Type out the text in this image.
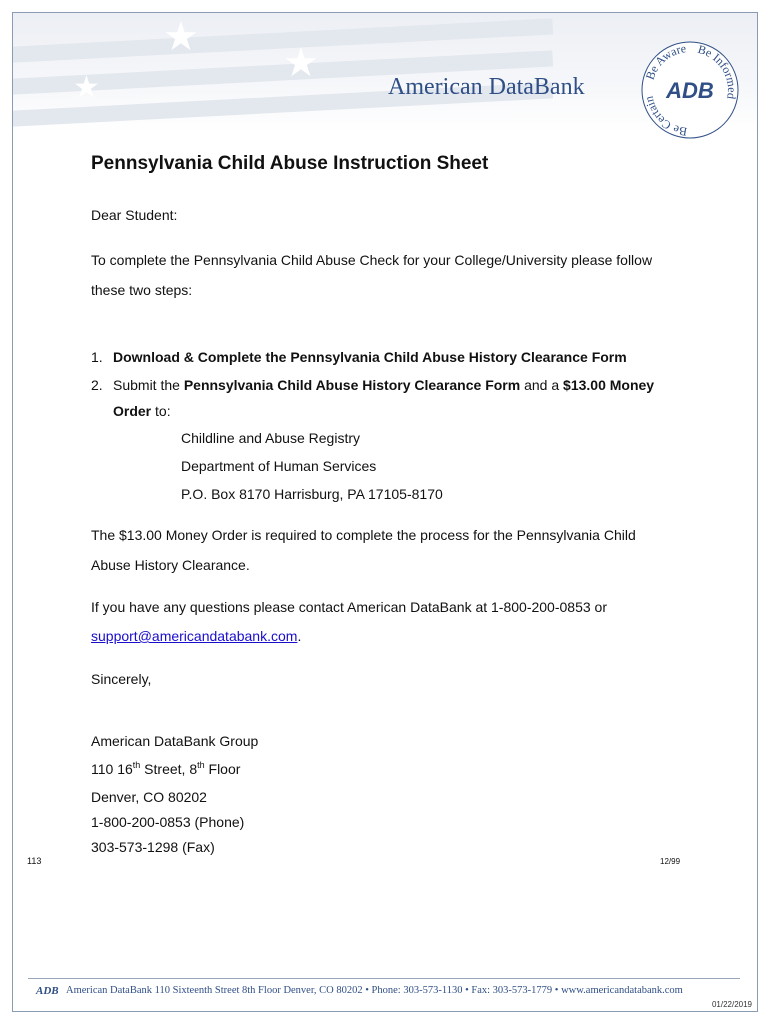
★
★
★	American DataBank	Be Aware Be Informed
Be Certain ADB
Pennsylvania Child Abuse Instruction Sheet
Dear Student:
To complete the Pennsylvania Child Abuse Check for your College/University please follow
these two steps:
1. Download & Complete the Pennsylvania Child Abuse History Clearance Form
2. Submit the Pennsylvania Child Abuse History Clearance Form and a $13.00 Money
Order to:
Childline and Abuse Registry
Department of Human Services
P.O. Box 8170 Harrisburg, PA 17105-8170
The $13.00 Money Order is required to complete the process for the Pennsylvania Child
Abuse History Clearance.
If you have any questions please contact American DataBank at 1-800-200-0853 or
support@americandatabank.com.
Sincerely,
American DataBank Group
110 16th Street, 8th Floor
Denver, CO 80202
1-800-200-0853 (Phone)
303-573-1298 (Fax)
113	12/99
ADB American DataBank 110 Sixteenth Street 8th Floor Denver, CO 80202 • Phone: 303-573-1130 • Fax: 303-573-1779 • www.americandatabank.com
01/22/2019
